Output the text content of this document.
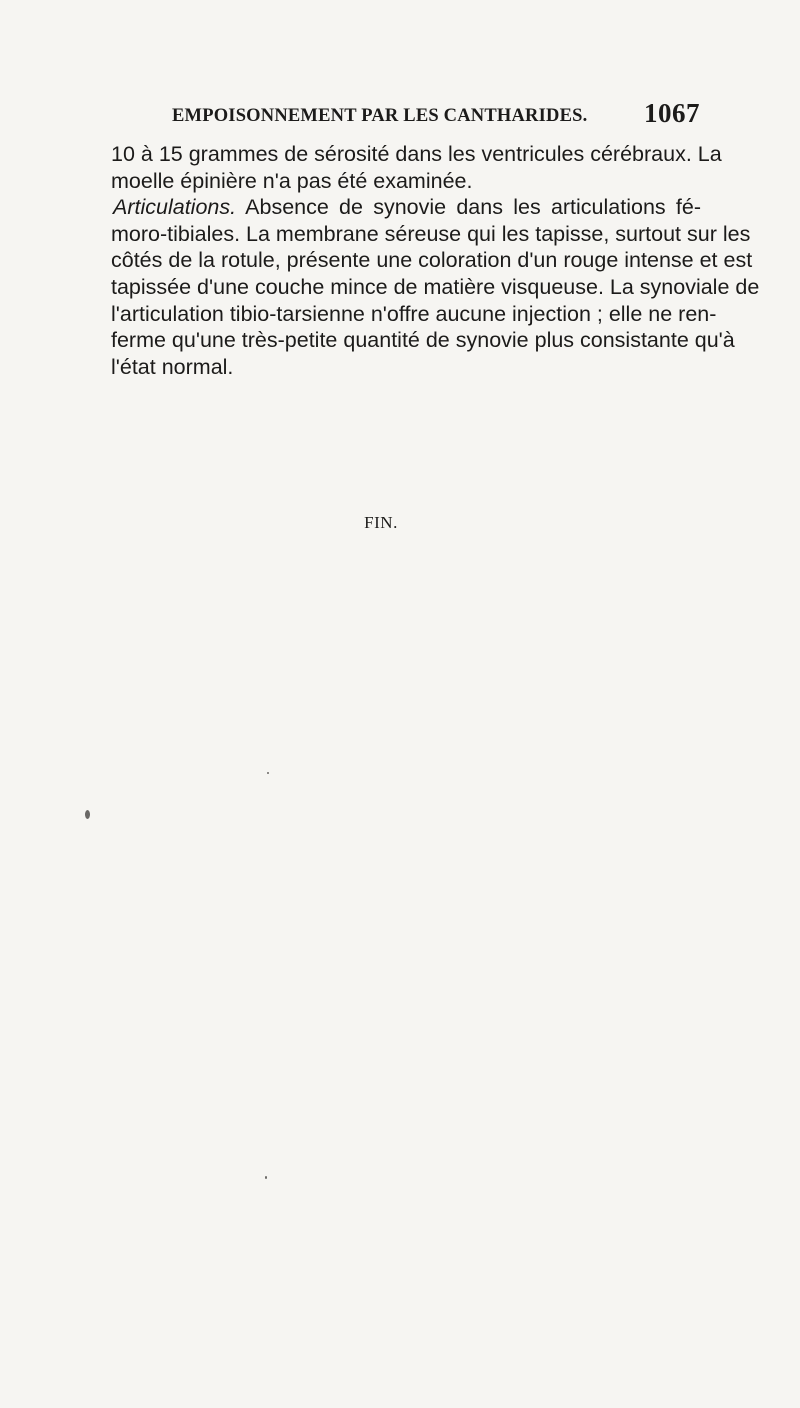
EMPOISONNEMENT PAR LES CANTHARIDES. 1067
10 à 15 grammes de sérosité dans les ventricules cérébraux. La
moelle épinière n'a pas été examinée.
Articulations. Absence de synovie dans les articulations fé-
moro-tibiales. La membrane séreuse qui les tapisse, surtout sur les
côtés de la rotule, présente une coloration d'un rouge intense et est
tapissée d'une couche mince de matière visqueuse. La synoviale de
l'articulation tibio-tarsienne n'offre aucune injection ; elle ne ren-
ferme qu'une très-petite quantité de synovie plus consistante qu'à
l'état normal.
FIN.
